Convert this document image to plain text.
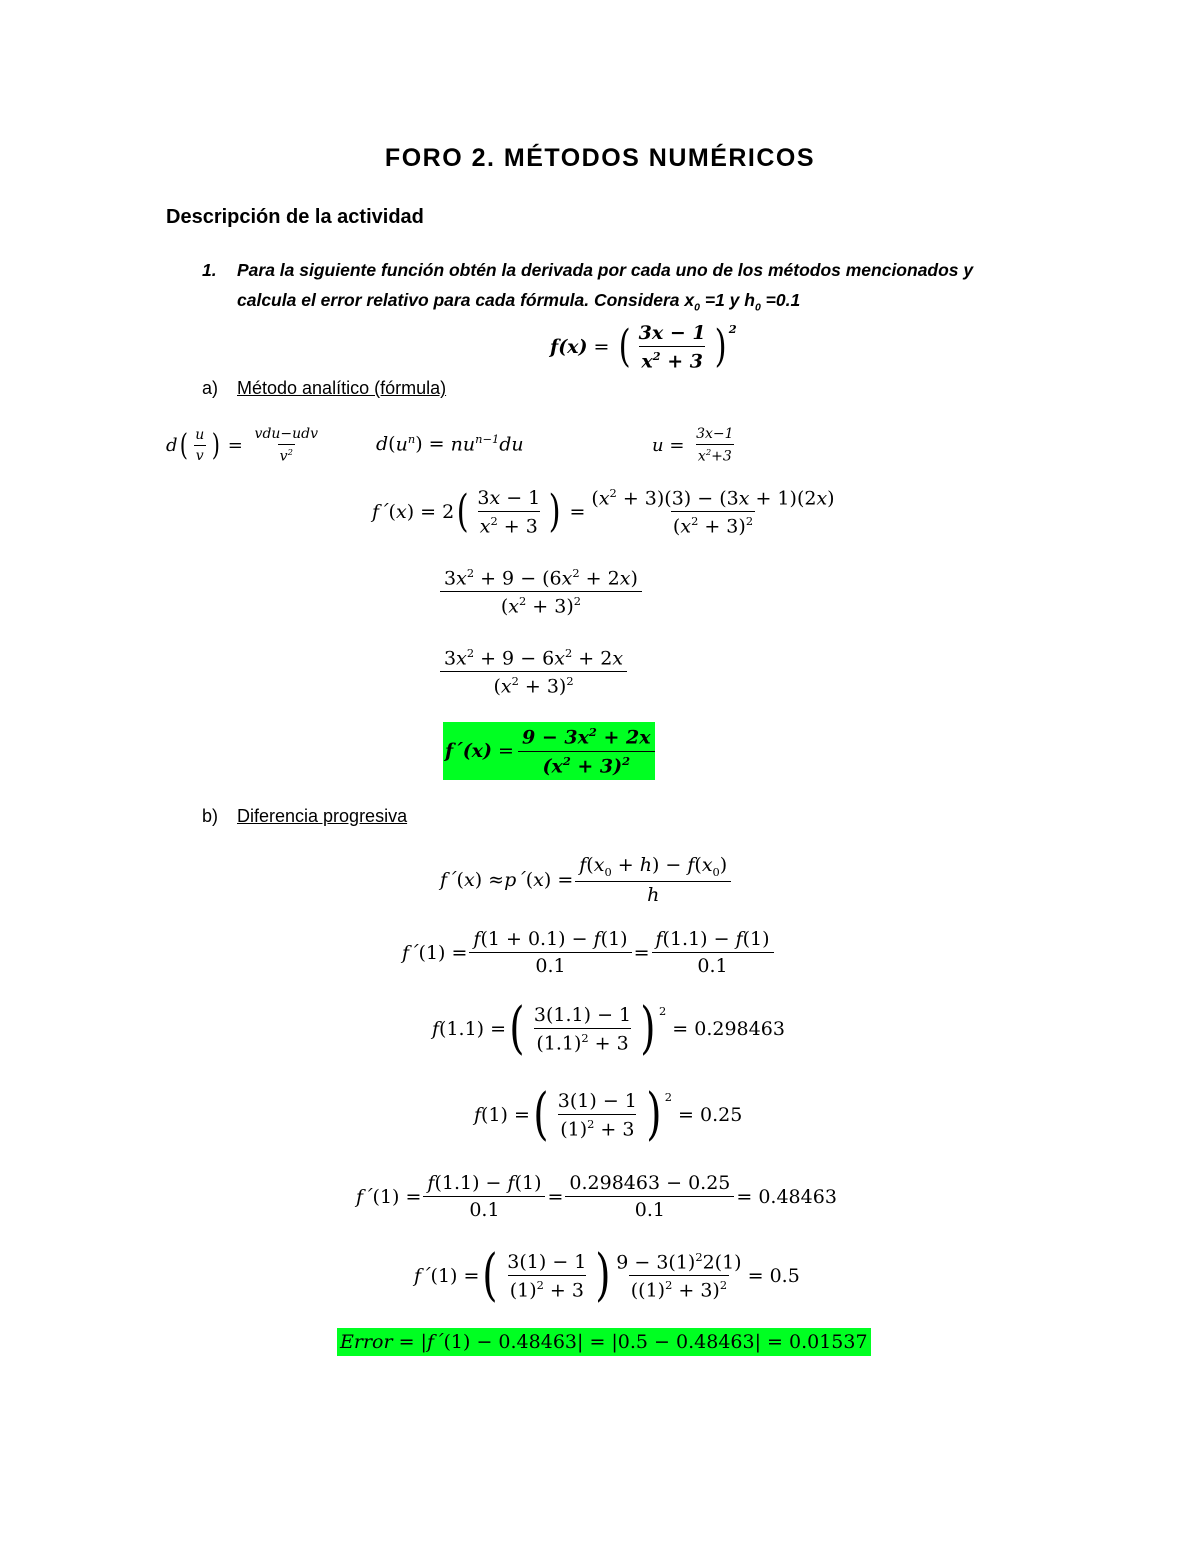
FORO 2. MÉTODOS NUMÉRICOS
Descripción de la actividad
1. Para la siguiente función obtén la derivada por cada uno de los métodos mencionados y
calcula el error relativo para cada fórmula. Considera $x_0 =1$ y $h_0 =0.1$
f (x) = ( $\frac{3x - 1}{x^2 + 3} )^2$
a) Método analítico (fórmula)
d ( $\frac{u}{v}$ ) = $\frac{\text{vdu−udv}}{v^2}$	d ( $u^n$ ) = $nu^{n-1}du$	$u = \frac{3x-1}{x^2+3}$
f´ ( x ) = 2 ( $\frac{3x - 1}{x^2 + 3}$ ) = $\frac{(x^2 + 3)(3) - (3x + 1)(2x)}{(x^2 + 3)^2}$
$\frac{3x^2 + 9 - (6x^2 + 2x)}{(x^2 + 3)^2}$
$\frac{3x^2 + 9 - 6x^2 + 2x}{(x^2 + 3)^2}$
f´ $(x) = \frac{9 - 3x^2 + 2x}{(x^2 + 3)^2}$
b) Diferencia progresiva
f´ ( x ) ≈ p´ ( x ) = $\frac{f(x_0 + h) - f(x_0)}{h}$
f´ $(1) = \frac{f(1 + 0.1) - f(1)}{0.1} = \frac{f(1.1) - f(1)}{0.1}$
f (1.1) = ( $\frac{3(1.1) - 1}{(1.1)^2 + 3}$ ) $^2$
= 0.298463
f (1) = ( $\frac{3(1) - 1}{(1)^2 + 3}$ ) $^2$
= 0.25
f´ $(1) = \frac{f(1.1) - f(1)}{0.1} = \frac{0.298463 - 0.25}{0.1} = 0.48463$
f´ (1) = ( $\frac{3(1) - 1}{(1)^2 + 3}$ ) $\frac{9 - 3(1)^22(1)}{((1)^2 + 3)^2} = 0.5$
Error = | f´ (1) − 0.48463| = |0.5 − 0.48463| = 0.01537
